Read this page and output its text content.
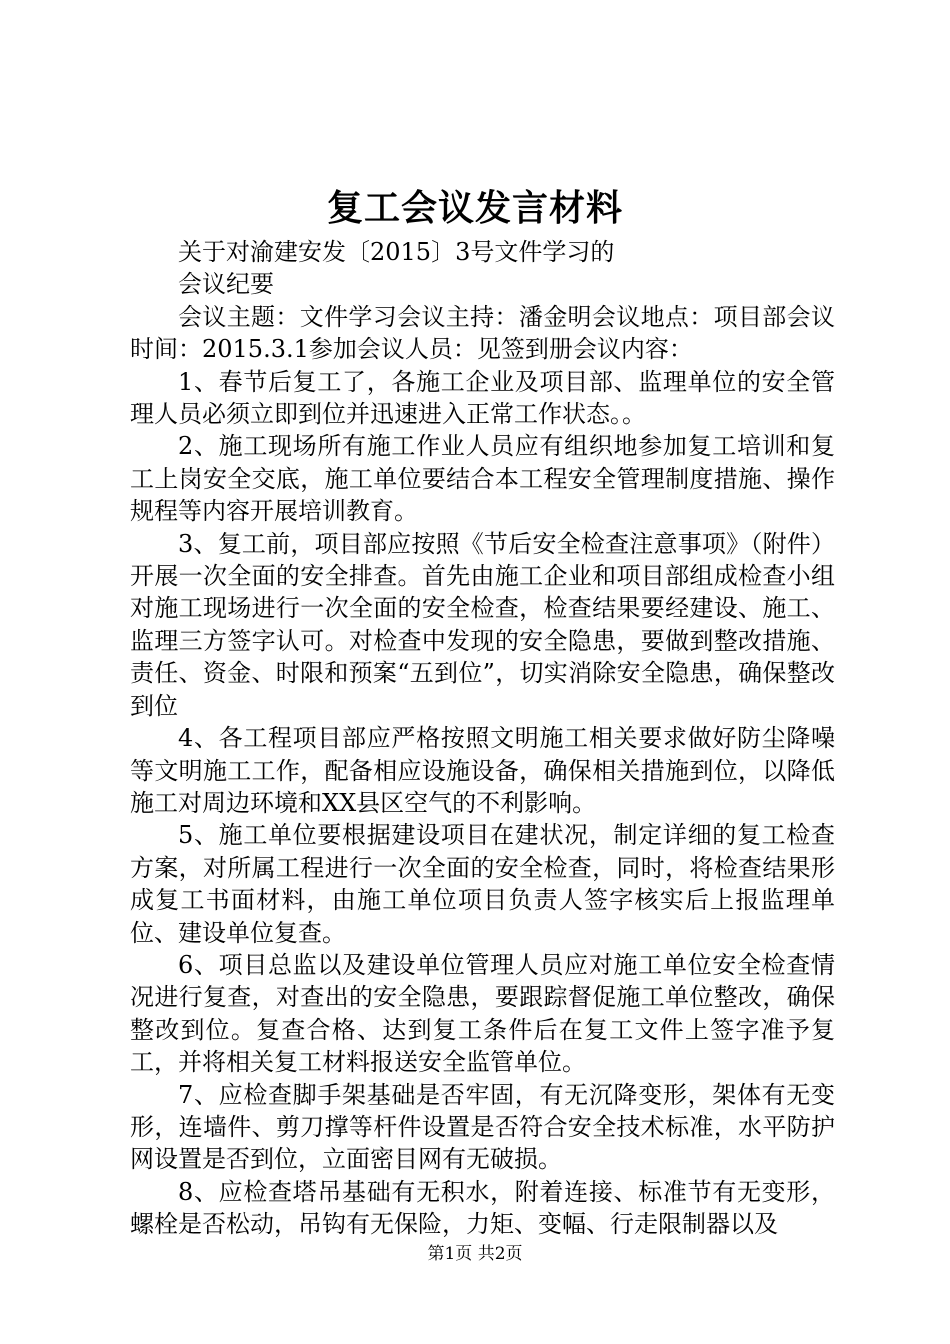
复工会议发言材料

关于对渝建安发〔2015〕3号文件学习的

会议纪要

会议主题：文件学习会议主持：潘金明会议地点：项目部会议时间：2015.3.1参加会议人员：见签到册会议内容：

1、春节后复工了，各施工企业及项目部、监理单位的安全管理人员必须立即到位并迅速进入正常工作状态。。

2、施工现场所有施工作业人员应有组织地参加复工培训和复工上岗安全交底，施工单位要结合本工程安全管理制度措施、操作规程等内容开展培训教育。

3、复工前，项目部应按照《节后安全检查注意事项》（附件）开展一次全面的安全排查。首先由施工企业和项目部组成检查小组对施工现场进行一次全面的安全检查，检查结果要经建设、施工、监理三方签字认可。对检查中发现的安全隐患，要做到整改措施、责任、资金、时限和预案“五到位”，切实消除安全隐患，确保整改到位

4、各工程项目部应严格按照文明施工相关要求做好防尘降噪等文明施工工作，配备相应设施设备，确保相关措施到位，以降低施工对周边环境和XX县区空气的不利影响。

5、施工单位要根据建设项目在建状况，制定详细的复工检查方案，对所属工程进行一次全面的安全检查，同时，将检查结果形成复工书面材料，由施工单位项目负责人签字核实后上报监理单位、建设单位复查。

6、项目总监以及建设单位管理人员应对施工单位安全检查情况进行复查，对查出的安全隐患，要跟踪督促施工单位整改，确保整改到位。复查合格、达到复工条件后在复工文件上签字准予复工，并将相关复工材料报送安全监管单位。

7、应检查脚手架基础是否牢固，有无沉降变形，架体有无变形，连墙件、剪刀撑等杆件设置是否符合安全技术标准，水平防护网设置是否到位，立面密目网有无破损。

8、应检查塔吊基础有无积水，附着连接、标准节有无变形，螺栓是否松动，吊钩有无保险，力矩、变幅、行走限制器以及

第1页 共2页
